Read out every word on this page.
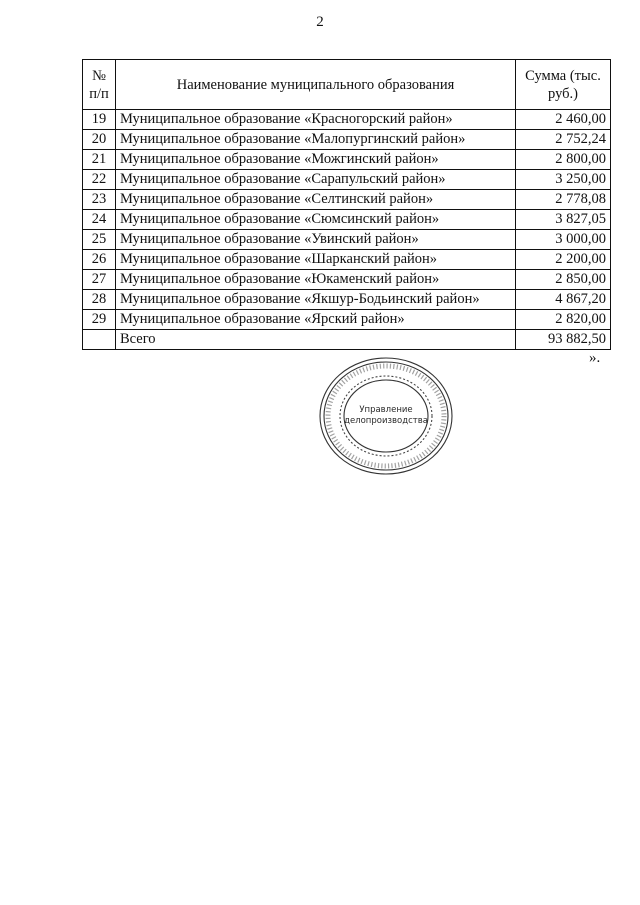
2
№ п/п	Наименование муниципального образования	Сумма (тыс. руб.)
19	Муниципальное образование «Красногорский район»	2 460,00
20	Муниципальное образование «Малопургинский район»	2 752,24
21	Муниципальное образование «Можгинский район»	2 800,00
22	Муниципальное образование «Сарапульский район»	3 250,00
23	Муниципальное образование «Селтинский район»	2 778,08
24	Муниципальное образование «Сюмсинский район»	3 827,05
25	Муниципальное образование «Увинский район»	3 000,00
26	Муниципальное образование «Шарканский район»	2 200,00
27	Муниципальное образование «Юкаменский район»	2 850,00
28	Муниципальное образование «Якшур-Бодьинский район»	4 867,20
29	Муниципальное образование «Ярский район»	2 820,00
	Всего	93 882,50
».
Управление
делопроизводства
